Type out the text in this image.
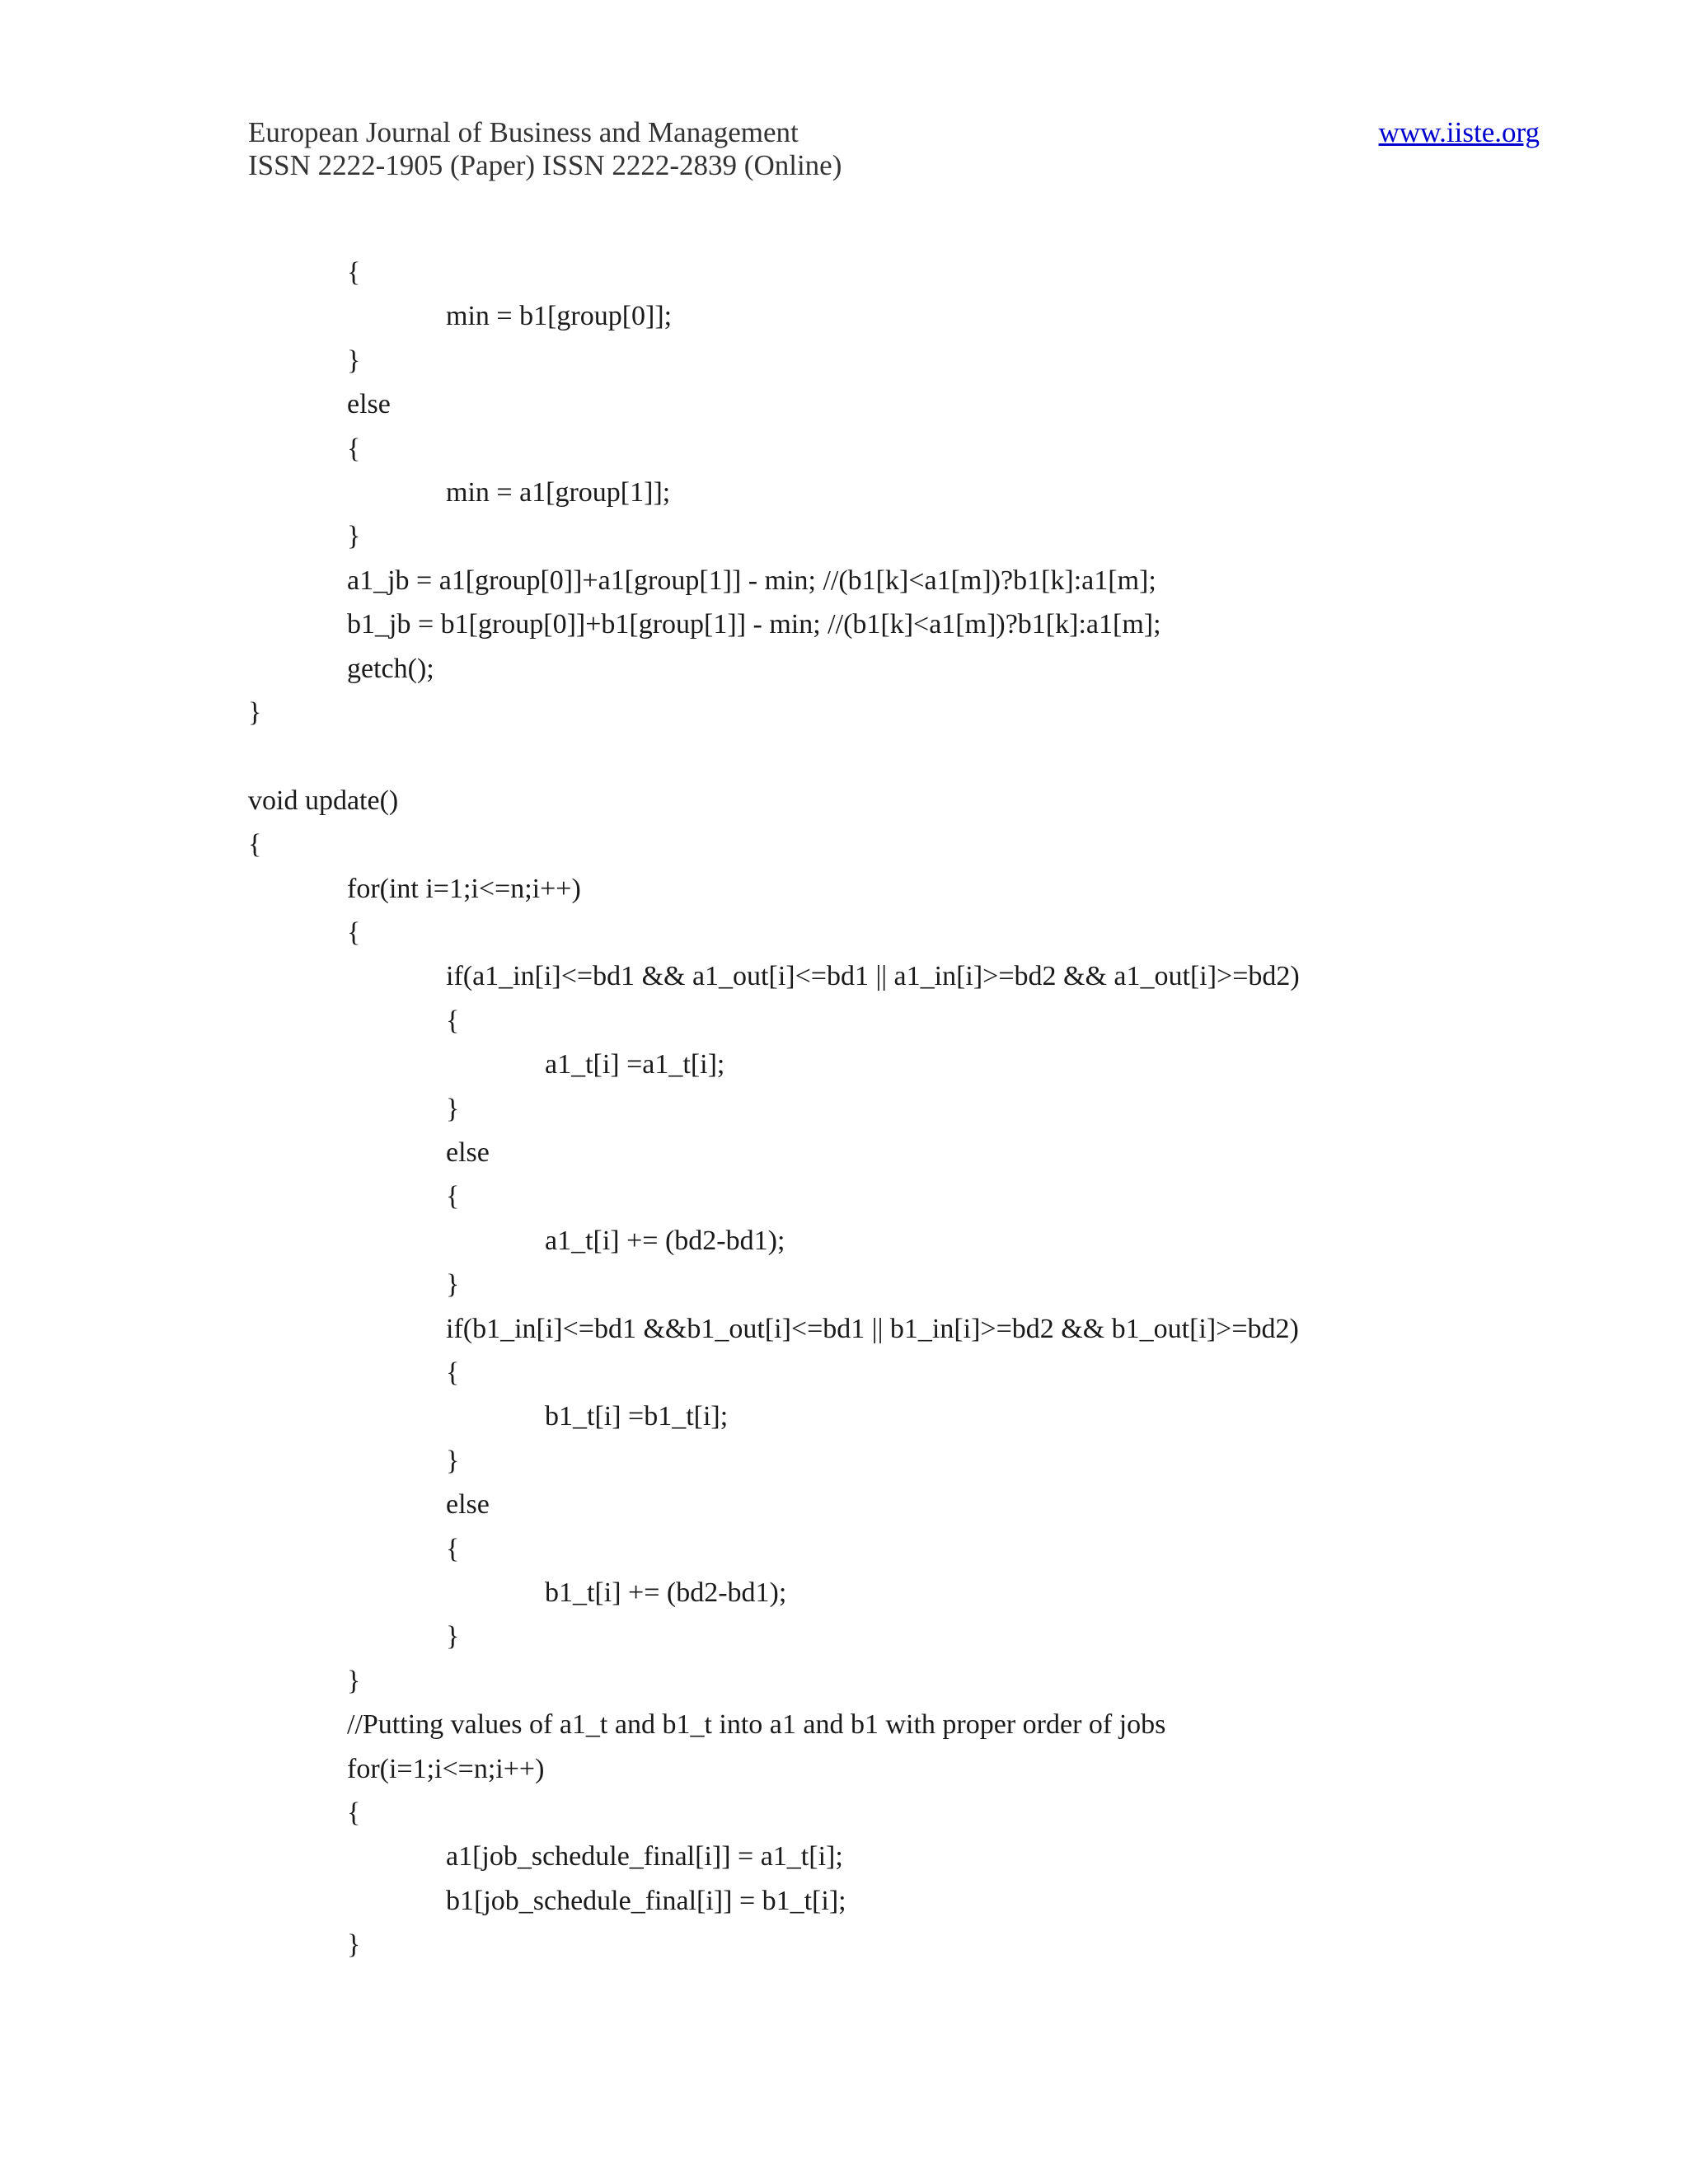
European Journal of Business and Management
ISSN 2222-1905 (Paper) ISSN 2222-2839 (Online)
www.iiste.org
{
min = b1[group[0]];
}
else
{
min = a1[group[1]];
}
a1_jb = a1[group[0]]+a1[group[1]] - min; //(b1[k]<a1[m])?b1[k]:a1[m];
b1_jb = b1[group[0]]+b1[group[1]] - min; //(b1[k]<a1[m])?b1[k]:a1[m];
getch();
}
void update()
{
for(int i=1;i<=n;i++)
{
if(a1_in[i]<=bd1 && a1_out[i]<=bd1 || a1_in[i]>=bd2 && a1_out[i]>=bd2)
{
a1_t[i] =a1_t[i];
}
else
{
a1_t[i] += (bd2-bd1);
}
if(b1_in[i]<=bd1 &&b1_out[i]<=bd1 || b1_in[i]>=bd2 && b1_out[i]>=bd2)
{
b1_t[i] =b1_t[i];
}
else
{
b1_t[i] += (bd2-bd1);
}
}
//Putting values of a1_t and b1_t into a1 and b1 with proper order of jobs
for(i=1;i<=n;i++)
{
a1[job_schedule_final[i]] = a1_t[i];
b1[job_schedule_final[i]] = b1_t[i];
}
